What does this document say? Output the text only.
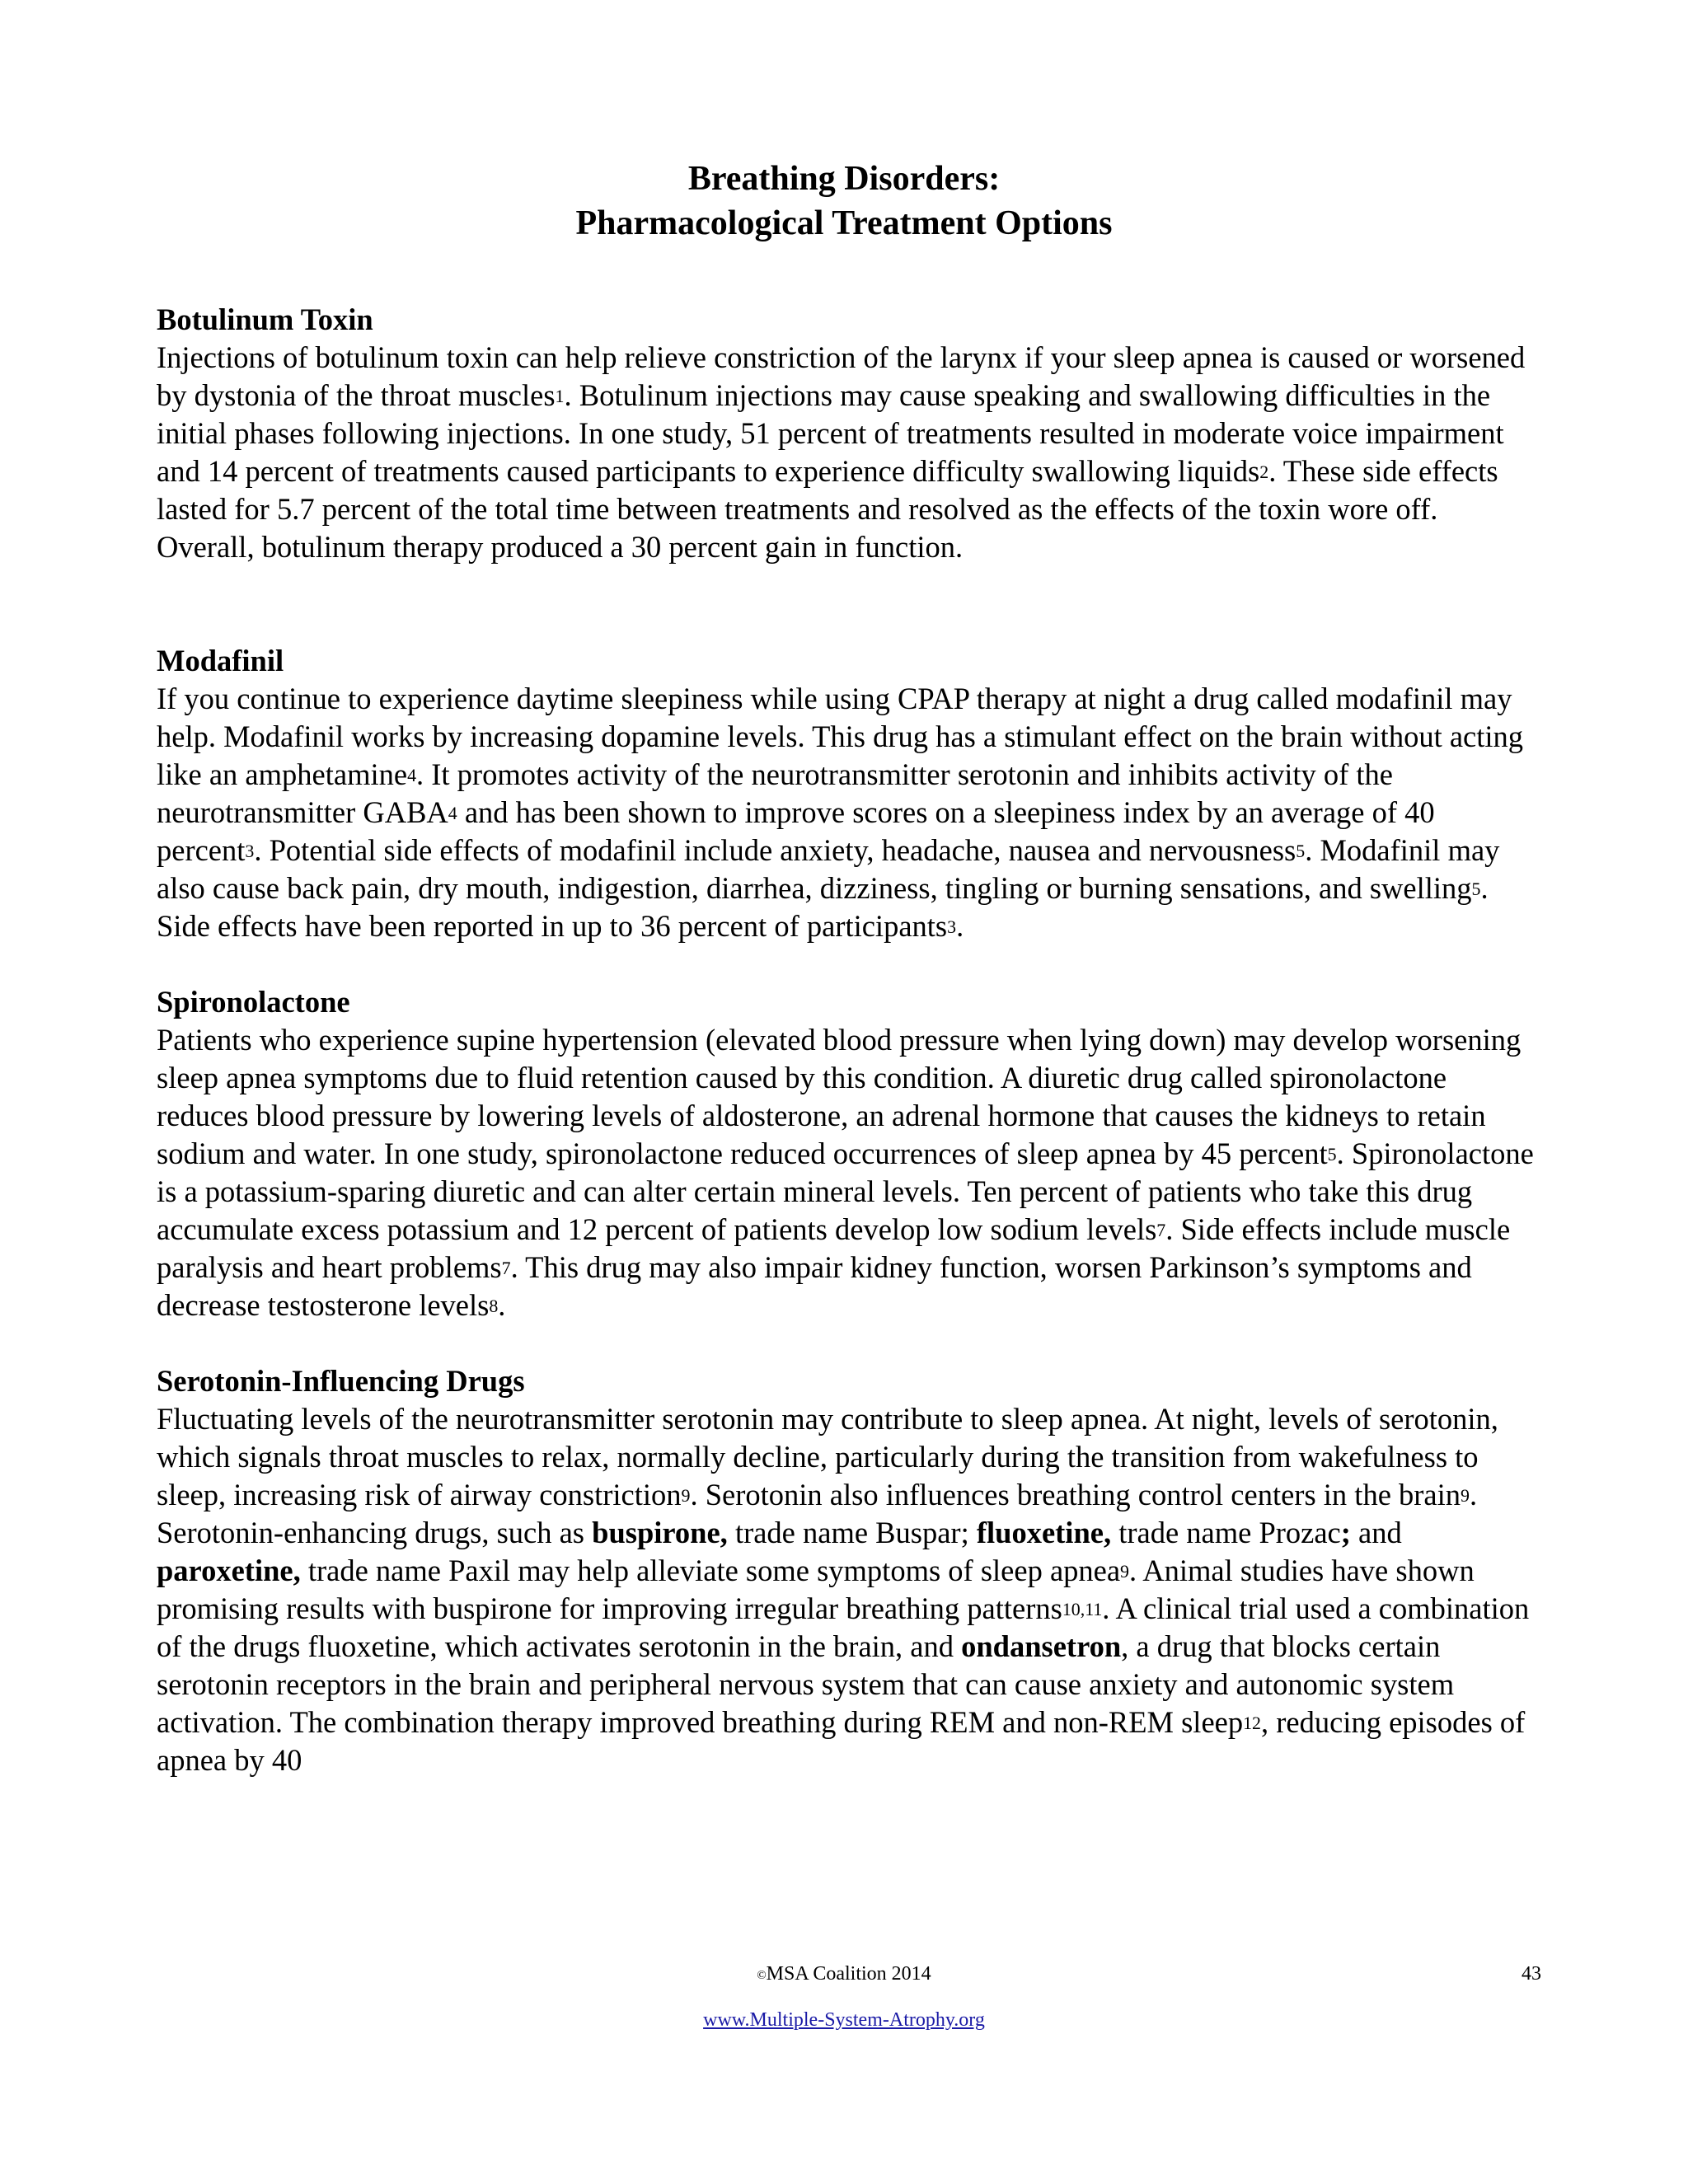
Breathing Disorders:
Pharmacological Treatment Options
Botulinum Toxin
Injections of botulinum toxin can help relieve constriction of the larynx if your sleep apnea is caused or worsened by dystonia of the throat muscles$^1$. Botulinum injections may cause speaking and swallowing difficulties in the initial phases following injections. In one study, 51 percent of treatments resulted in moderate voice impairment and 14 percent of treatments caused participants to experience difficulty swallowing liquids$^2$. These side effects lasted for 5.7 percent of the total time between treatments and resolved as the effects of the toxin wore off. Overall, botulinum therapy produced a 30 percent gain in function.
Modafinil
If you continue to experience daytime sleepiness while using CPAP therapy at night a drug called modafinil may help. Modafinil works by increasing dopamine levels. This drug has a stimulant effect on the brain without acting like an amphetamine$^4$. It promotes activity of the neurotransmitter serotonin and inhibits activity of the neurotransmitter GABA$^4$ and has been shown to improve scores on a sleepiness index by an average of 40 percent$^3$. Potential side effects of modafinil include anxiety, headache, nausea and nervousness$^5$. Modafinil may also cause back pain, dry mouth, indigestion, diarrhea, dizziness, tingling or burning sensations, and swelling$^5$. Side effects have been reported in up to 36 percent of participants$^3$.
Spironolactone
Patients who experience supine hypertension (elevated blood pressure when lying down) may develop worsening sleep apnea symptoms due to fluid retention caused by this condition. A diuretic drug called spironolactone reduces blood pressure by lowering levels of aldosterone, an adrenal hormone that causes the kidneys to retain sodium and water. In one study, spironolactone reduced occurrences of sleep apnea by 45 percent$^5$. Spironolactone is a potassium-sparing diuretic and can alter certain mineral levels. Ten percent of patients who take this drug accumulate excess potassium and 12 percent of patients develop low sodium levels$^7$. Side effects include muscle paralysis and heart problems$^7$. This drug may also impair kidney function, worsen Parkinson’s symptoms and decrease testosterone levels$^8$.
Serotonin-Influencing Drugs
Fluctuating levels of the neurotransmitter serotonin may contribute to sleep apnea. At night, levels of serotonin, which signals throat muscles to relax, normally decline, particularly during the transition from wakefulness to sleep, increasing risk of airway constriction$^9$. Serotonin also influences breathing control centers in the brain$^9$. Serotonin-enhancing drugs, such as buspirone, trade name Buspar; fluoxetine, trade name Prozac; and paroxetine, trade name Paxil may help alleviate some symptoms of sleep apnea$^9$. Animal studies have shown promising results with buspirone for improving irregular breathing patterns$^{10,11}$. A clinical trial used a combination of the drugs fluoxetine, which activates serotonin in the brain, and ondansetron, a drug that blocks certain serotonin receptors in the brain and peripheral nervous system that can cause anxiety and autonomic system activation. The combination therapy improved breathing during REM and non-REM sleep$^{12}$, reducing episodes of apnea by 40
©MSA Coalition 2014	43
www.Multiple-System-Atrophy.org
